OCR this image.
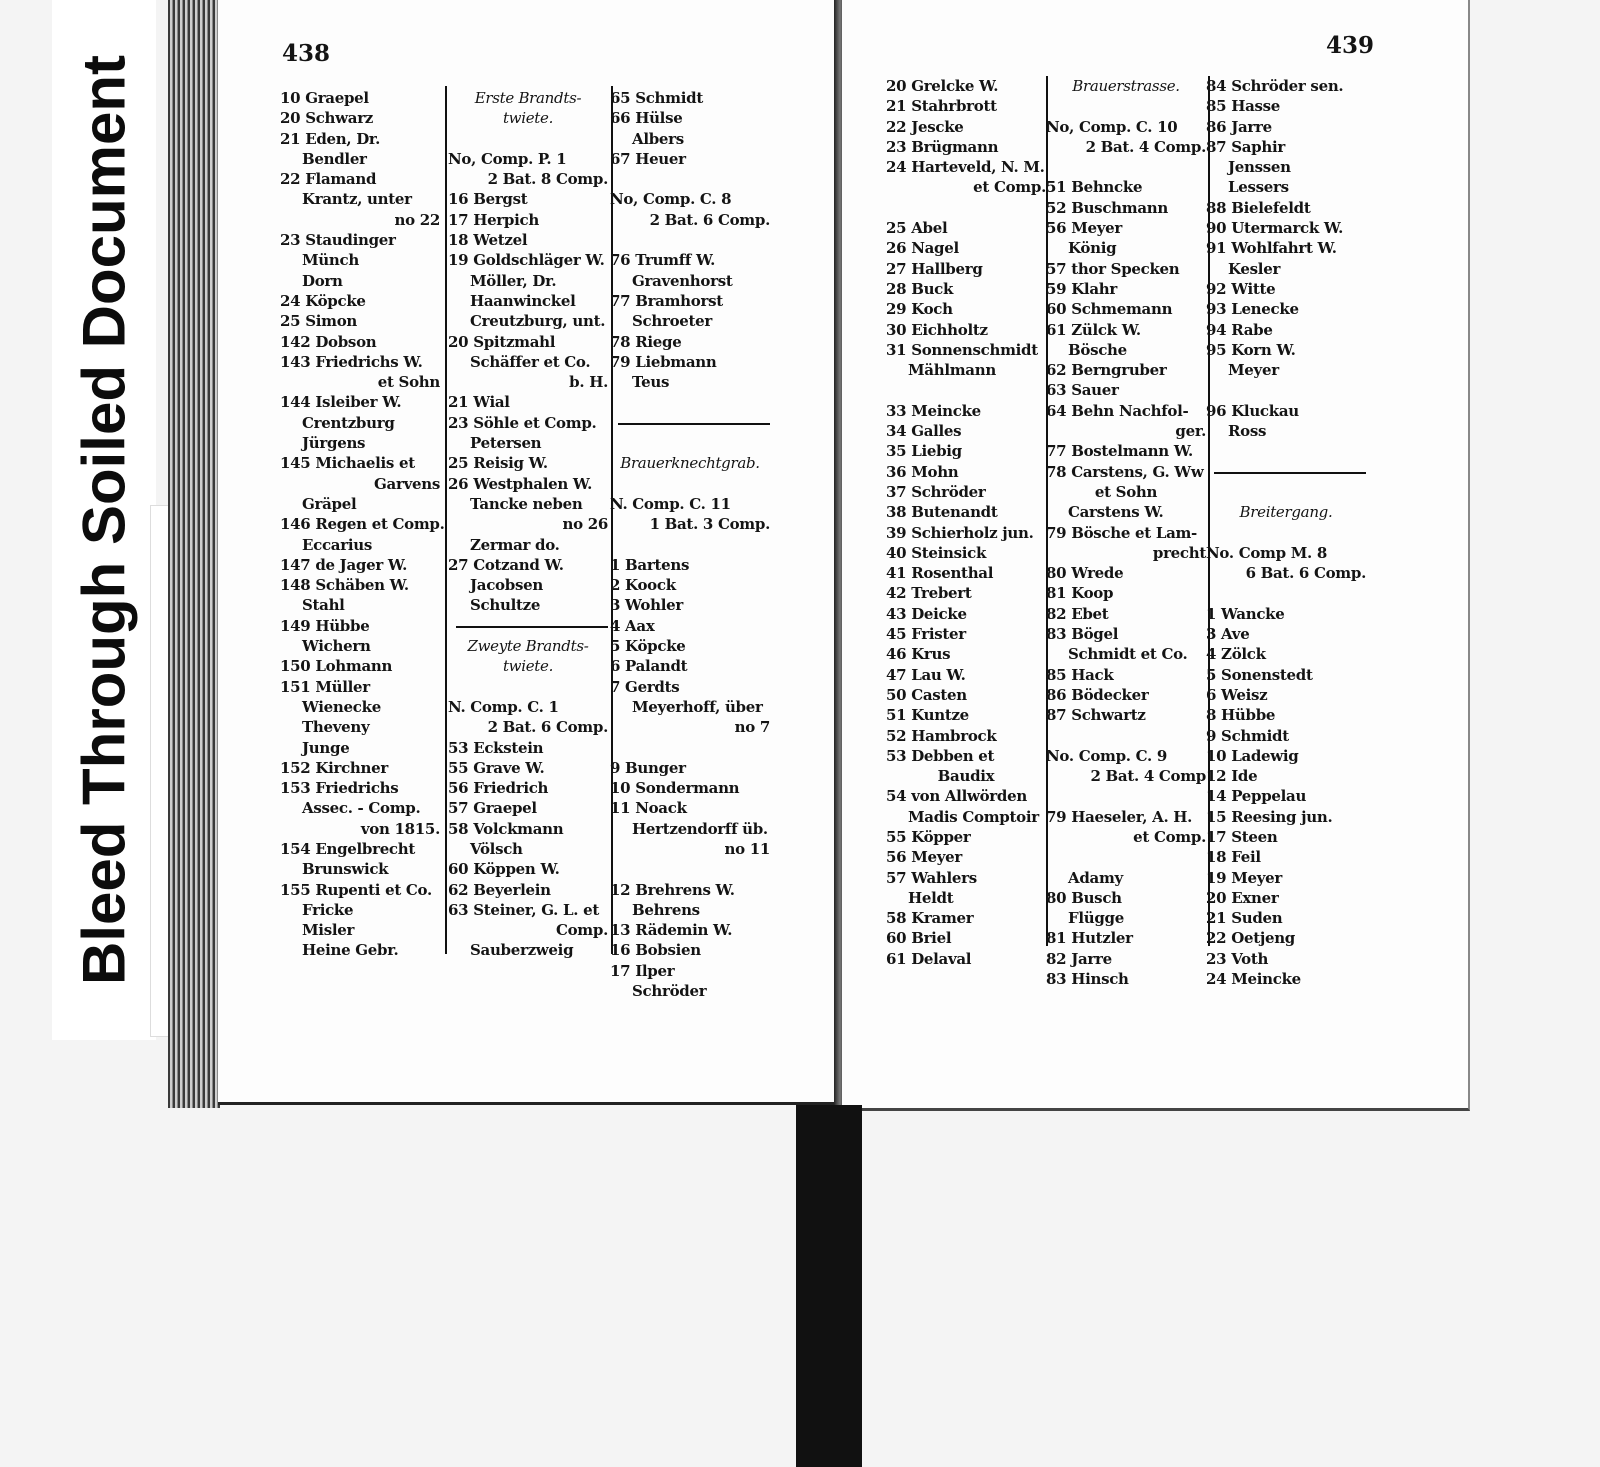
Bleed Through Soiled Document
438
10 Graepel
20 Schwarz
21 Eden, Dr.
Bendler
22 Flamand
Krantz, unter
no 22
23 Staudinger
Münch
Dorn
24 Köpcke
25 Simon
142 Dobson
143 Friedrichs W.
et Sohn
144 Isleiber W.
Crentzburg
Jürgens
145 Michaelis et
Garvens
Gräpel
146 Regen et Comp.
Eccarius
147 de Jager W.
148 Schäben W.
Stahl
149 Hübbe
Wichern
150 Lohmann
151 Müller
Wienecke
Theveny
Junge
152 Kirchner
153 Friedrichs
Assec. - Comp.
von 1815.
154 Engelbrecht
Brunswick
155 Rupenti et Co.
Fricke
Misler
Heine Gebr.
Erste Brandts-
twiete.
No, Comp. P. 1
2 Bat. 8 Comp.
16 Bergst
17 Herpich
18 Wetzel
19 Goldschläger W.
Möller, Dr.
Haanwinckel
Creutzburg, unt.
20 Spitzmahl
Schäffer et Co.
b. H.
21 Wial
23 Söhle et Comp.
Petersen
25 Reisig W.
26 Westphalen W.
Tancke neben
no 26
Zermar do.
27 Cotzand W.
Jacobsen
Schultze
Zweyte Brandts-
twiete.
N. Comp. C. 1
2 Bat. 6 Comp.
53 Eckstein
55 Grave W.
56 Friedrich
57 Graepel
58 Volckmann
Völsch
60 Köppen W.
62 Beyerlein
63 Steiner, G. L. et
Comp.
Sauberzweig
65 Schmidt
66 Hülse
Albers
67 Heuer
No, Comp. C. 8
2 Bat. 6 Comp.
76 Trumff W.
Gravenhorst
77 Bramhorst
Schroeter
78 Riege
79 Liebmann
Teus
Brauerknechtgrab.
N. Comp. C. 11
1 Bat. 3 Comp.
1 Bartens
2 Koock
3 Wohler
4 Aax
5 Köpcke
6 Palandt
7 Gerdts
Meyerhoff, über
no 7
9 Bunger
10 Sondermann
11 Noack
Hertzendorff üb.
no 11
12 Brehrens W.
Behrens
13 Rädemin W.
16 Bobsien
17 Ilper
Schröder
439
20 Grelcke W.
21 Stahrbrott
22 Jescke
23 Brügmann
24 Harteveld, N. M.
et Comp.
25 Abel
26 Nagel
27 Hallberg
28 Buck
29 Koch
30 Eichholtz
31 Sonnenschmidt
Mählmann
33 Meincke
34 Galles
35 Liebig
36 Mohn
37 Schröder
38 Butenandt
39 Schierholz jun.
40 Steinsick
41 Rosenthal
42 Trebert
43 Deicke
45 Frister
46 Krus
47 Lau W.
50 Casten
51 Kuntze
52 Hambrock
53 Debben et
Baudix
54 von Allwörden
Madis Comptoir
55 Köpper
56 Meyer
57 Wahlers
Heldt
58 Kramer
60 Briel
61 Delaval
Brauerstrasse.
No, Comp. C. 10
2 Bat. 4 Comp.
51 Behncke
52 Buschmann
56 Meyer
König
57 thor Specken
59 Klahr
60 Schmemann
61 Zülck W.
Bösche
62 Berngruber
63 Sauer
64 Behn Nachfol-
ger.
77 Bostelmann W.
78 Carstens, G. Ww
et Sohn
Carstens W.
79 Bösche et Lam-
precht
80 Wrede
81 Koop
82 Ebet
83 Bögel
Schmidt et Co.
85 Hack
86 Bödecker
87 Schwartz
No. Comp. C. 9
2 Bat. 4 Comp
79 Haeseler, A. H.
et Comp.
Adamy
80 Busch
Flügge
81 Hutzler
82 Jarre
83 Hinsch
84 Schröder sen.
85 Hasse
86 Jarre
87 Saphir
Jenssen
Lessers
88 Bielefeldt
90 Utermarck W.
91 Wohlfahrt W.
Kesler
92 Witte
93 Lenecke
94 Rabe
95 Korn W.
Meyer
96 Kluckau
Ross
Breitergang.
No. Comp M. 8
6 Bat. 6 Comp.
1 Wancke
3 Ave
4 Zölck
5 Sonenstedt
6 Weisz
8 Hübbe
9 Schmidt
10 Ladewig
12 Ide
14 Peppelau
15 Reesing jun.
17 Steen
18 Feil
19 Meyer
20 Exner
21 Suden
22 Oetjeng
23 Voth
24 Meincke
